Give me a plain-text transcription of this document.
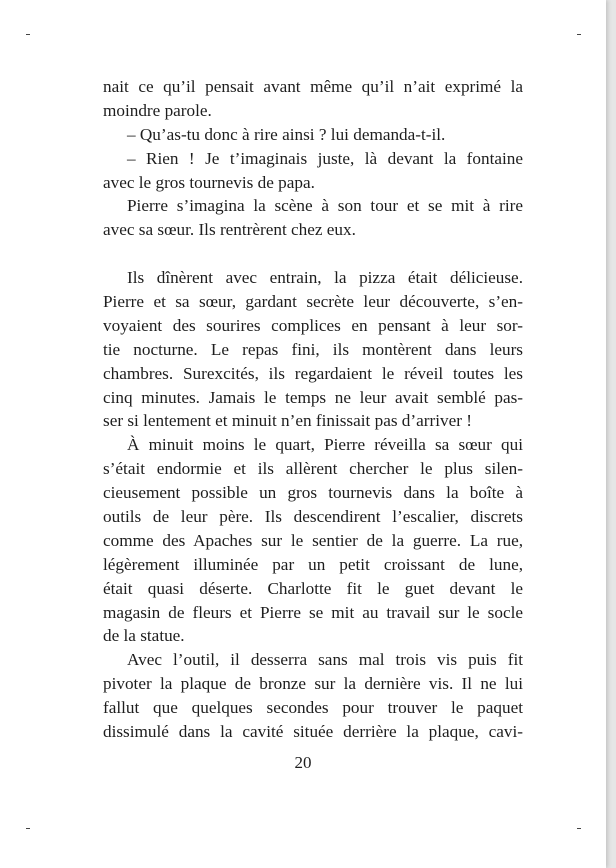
nait ce qu’il pensait avant même qu’il n’ait exprimé la
moindre parole.

– Qu’as-tu donc à rire ainsi ? lui demanda-t-il.

– Rien ! Je t’imaginais juste, là devant la fontaine
avec le gros tournevis de papa.

Pierre s’imagina la scène à son tour et se mit à rire
avec sa sœur. Ils rentrèrent chez eux.

Ils dînèrent avec entrain, la pizza était délicieuse.
Pierre et sa sœur, gardant secrète leur découverte, s’en-
voyaient des sourires complices en pensant à leur sor-
tie nocturne. Le repas fini, ils montèrent dans leurs
chambres. Surexcités, ils regardaient le réveil toutes les
cinq minutes. Jamais le temps ne leur avait semblé pas-
ser si lentement et minuit n’en finissait pas d’arriver !

À minuit moins le quart, Pierre réveilla sa sœur qui
s’était endormie et ils allèrent chercher le plus silen-
cieusement possible un gros tournevis dans la boîte à
outils de leur père. Ils descendirent l’escalier, discrets
comme des Apaches sur le sentier de la guerre. La rue,
légèrement illuminée par un petit croissant de lune,
était quasi déserte. Charlotte fit le guet devant le
magasin de fleurs et Pierre se mit au travail sur le socle
de la statue.

Avec l’outil, il desserra sans mal trois vis puis fit
pivoter la plaque de bronze sur la dernière vis. Il ne lui
fallut que quelques secondes pour trouver le paquet
dissimulé dans la cavité située derrière la plaque, cavi-

20
